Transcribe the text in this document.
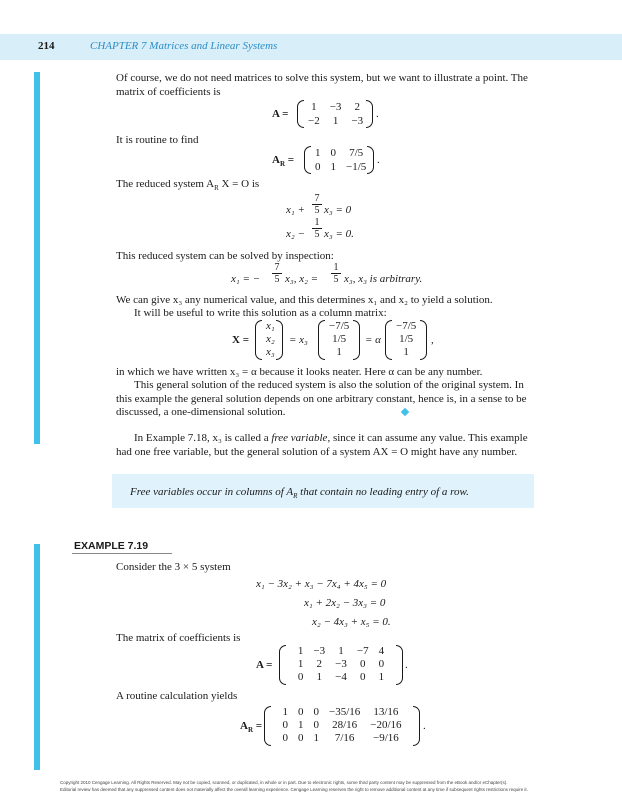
214	CHAPTER 7 Matrices and Linear Systems
Of course, we do not need matrices to solve this system, but we want to illustrate a point. The
matrix of coefficients is
A =
1	−3	2
−2	1	−3
.
It is routine to find
$A_R$ =
1	0	7/5
0	1	−1/5
.
The reduced system $A_R$ X = O is
$x_1 + \frac{7}{5} x_3 = 0$
$x_2 - \frac{1}{5} x_3 = 0$.
This reduced system can be solved by inspection:
x₁ = − $\frac{7}{5} x_3$, $x_2 = \frac{1}{5} x_3$, x₃ is arbitrary.
We can give x₃ any numerical value, and this determines x₁ and x₂ to yield a solution.
It will be useful to write this solution as a column matrix:
X =
x₁
x₂
x₃
= x₃
−7/5
1/5
1
= α
−7/5
1/5
1
,
in which we have written x₃ = α because it looks neater. Here α can be any number.
This general solution of the reduced system is also the solution of the original system. In
this example the general solution depends on one arbitrary constant, hence is, in a sense to be
discussed, a one-dimensional solution.
In Example 7.18, x₃ is called a free variable, since it can assume any value. This example
had one free variable, but the general solution of a system AX = O might have any number.
Free variables occur in columns of $A_R$ that contain no leading entry of a row.
EXAMPLE 7.19
Consider the 3 × 5 system
x₁ − 3x₂ + x₃ − 7x₄ + 4x₅ = 0
x₁ + 2x₂ − 3x₃ = 0
x₂ − 4x₃ + x₅ = 0.
The matrix of coefficients is
A =
1	−3	1	−7	4
1	2	−3	0	0
0	1	−4	0	1
.
A routine calculation yields
$A_R$ =
1	0	0	−35/16	13/16
0	1	0	28/16	−20/16
0	0	1	7/16	−9/16
.
Copyright 2010 Cengage Learning. All Rights Reserved. May not be copied, scanned, or duplicated, in whole or in part. Due to electronic rights, some third party content may be suppressed from the eBook and/or eChapter(s).
Editorial review has deemed that any suppressed content does not materially affect the overall learning experience. Cengage Learning reserves the right to remove additional content at any time if subsequent rights restrictions require it.
